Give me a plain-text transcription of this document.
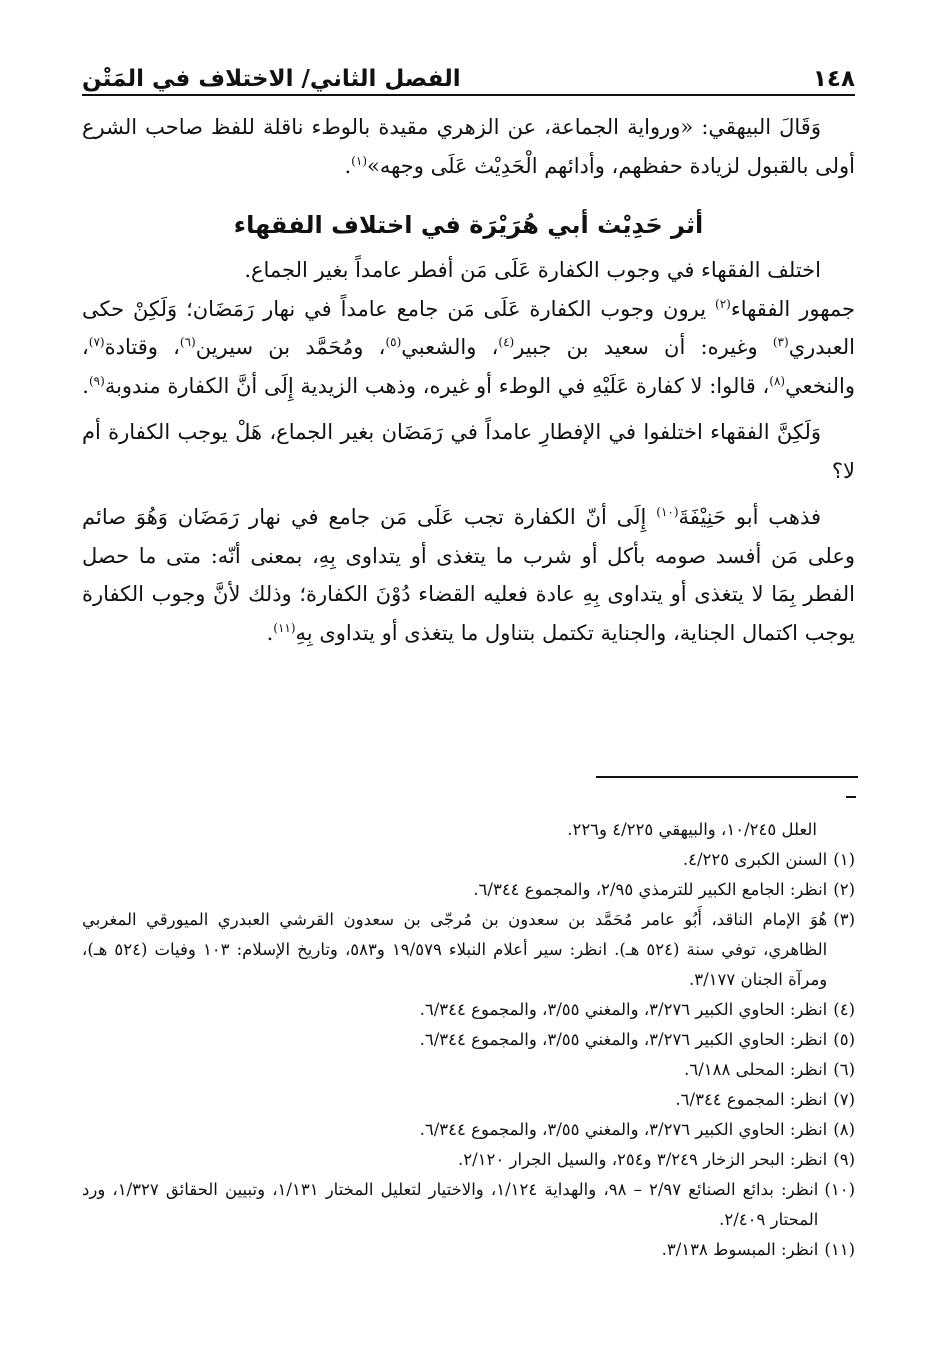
١٤٨
الفصل الثاني/ الاختلاف في المَتْن

وَقَالَ البيهقي: «ورواية الجماعة، عن الزهري مقيدة بالوطء ناقلة للفظ صاحب الشرع أولى بالقبول لزيادة حفظهم، وأدائهم الْحَدِيْث عَلَى وجهه»$^{(١)}$.

أثر حَدِيْث أبي هُرَيْرَة في اختلاف الفقهاء

اختلف الفقهاء في وجوب الكفارة عَلَى مَن أفطر عامداً بغير الجماع.

جمهور الفقهاء$^{(٢)}$ يرون وجوب الكفارة عَلَى مَن جامع عامداً في نهار رَمَضَان؛ وَلَكِنْ حكى العبدري$^{(٣)}$ وغيره: أن سعيد بن جبير$^{(٤)}$، والشعبي$^{(٥)}$، ومُحَمَّد بن سيرين$^{(٦)}$، وقتادة$^{(٧)}$، والنخعي$^{(٨)}$، قالوا: لا كفارة عَلَيْهِ في الوطء أو غيره، وذهب الزيدية إِلَى أنَّ الكفارة مندوبة$^{(٩)}$.

وَلَكِنَّ الفقهاء اختلفوا في الإفطارِ عامداً في رَمَضَان بغير الجماع، هَلْ يوجب الكفارة أم لا؟

فذهب أبو حَنِيْفَةَ$^{(١٠)}$ إِلَى أنّ الكفارة تجب عَلَى مَن جامع في نهار رَمَضَان وَهُوَ صائم وعلى مَن أفسد صومه بأكل أو شرب ما يتغذى أو يتداوى بِهِ، بمعنى أنّه: متى ما حصل الفطر بِمَا لا يتغذى أو يتداوى بِهِ عادة فعليه القضاء دُوْنَ الكفارة؛ وذلك لأنَّ وجوب الكفارة يوجب اكتمال الجناية، والجناية تكتمل بتناول ما يتغذى أو يتداوى بِهِ$^{(١١)}$.

العلل ١٠/٢٤٥، والبيهقي ٤/٢٢٥ و٢٢٦.
(١)
السنن الكبرى ٤/٢٢٥.
(٢)
انظر: الجامع الكبير للترمذي ٢/٩٥، والمجموع ٦/٣٤٤.
(٣)
هُوَ الإمام الناقد، أَبُو عامر مُحَمَّد بن سعدون بن مُرجّى بن سعدون القرشي العبدري الميورقي المغربي الظاهري، توفي سنة (٥٢٤ هـ). انظر: سير أعلام النبلاء ١٩/٥٧٩ و٥٨٣، وتاريخ الإسلام: ١٠٣ وفيات (٥٢٤ هـ)، ومرآة الجنان ٣/١٧٧.
(٤)
انظر: الحاوي الكبير ٣/٢٧٦، والمغني ٣/٥٥، والمجموع ٦/٣٤٤.
(٥)
انظر: الحاوي الكبير ٣/٢٧٦، والمغني ٣/٥٥، والمجموع ٦/٣٤٤.
(٦)
انظر: المحلى ٦/١٨٨.
(٧)
انظر: المجموع ٦/٣٤٤.
(٨)
انظر: الحاوي الكبير ٣/٢٧٦، والمغني ٣/٥٥، والمجموع ٦/٣٤٤.
(٩)
انظر: البحر الزخار ٣/٢٤٩ و٢٥٤، والسيل الجرار ٢/١٢٠.
(١٠)
انظر: بدائع الصنائع ٢/٩٧ – ٩٨، والهداية ١/١٢٤، والاختيار لتعليل المختار ١/١٣١، وتبيين الحقائق ١/٣٢٧، ورد المحتار ٢/٤٠٩.
(١١)
انظر: المبسوط ٣/١٣٨.
